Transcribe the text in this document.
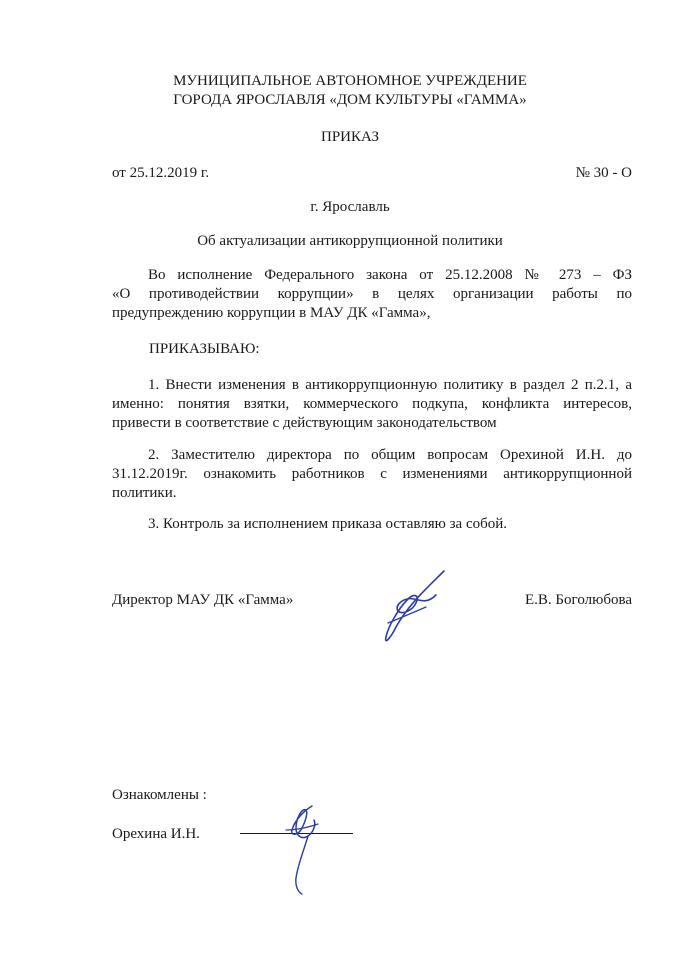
МУНИЦИПАЛЬНОЕ АВТОНОМНОЕ УЧРЕЖДЕНИЕ
ГОРОДА ЯРОСЛАВЛЯ «ДОМ КУЛЬТУРЫ «ГАММА»
ПРИКАЗ
от 25.12.2019 г.	№ 30 - О
г. Ярославль
Об актуализации антикоррупционной политики
Во исполнение Федерального закона от 25.12.2008 № 273 – ФЗ
«О противодействии коррупции» в целях организации работы по
предупреждению коррупции в МАУ ДК «Гамма»,
ПРИКАЗЫВАЮ:
1. Внести изменения в антикоррупционную политику в раздел 2 п.2.1, а
именно: понятия взятки, коммерческого подкупа, конфликта интересов,
привести в соответствие с действующим законодательством
2. Заместителю директора по общим вопросам Орехиной И.Н. до
31.12.2019г. ознакомить работников с изменениями антикоррупционной
политики.
3. Контроль за исполнением приказа оставляю за собой.
Директор МАУ ДК «Гамма»	Е.В. Боголюбова
Ознакомлены :
Орехина И.Н.
